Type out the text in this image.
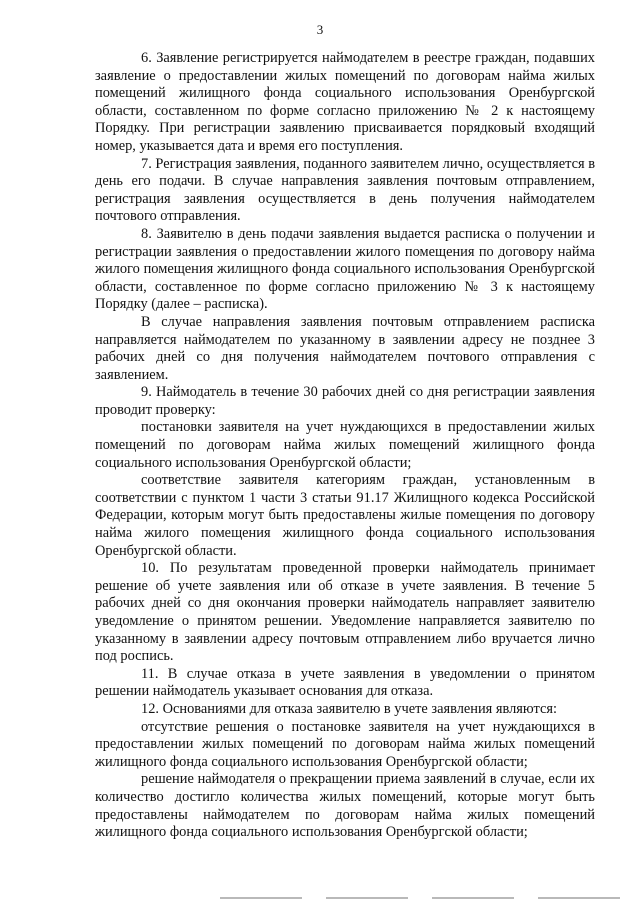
3

6. Заявление регистрируется наймодателем в реестре граждан, подавших заявление о предоставлении жилых помещений по договорам найма жилых помещений жилищного фонда социального использования Оренбургской области, составленном по форме согласно приложению № 2 к настоящему Порядку. При регистрации заявлению присваивается порядковый входящий номер, указывается дата и время его поступления.

7. Регистрация заявления, поданного заявителем лично, осуществляется в день его подачи. В случае направления заявления почтовым отправлением, регистрация заявления осуществляется в день получения наймодателем почтового отправления.

8. Заявителю в день подачи заявления выдается расписка о получении и регистрации заявления о предоставлении жилого помещения по договору найма жилого помещения жилищного фонда социального использования Оренбургской области, составленное по форме согласно приложению № 3 к настоящему Порядку (далее – расписка).

В случае направления заявления почтовым отправлением расписка направляется наймодателем по указанному в заявлении адресу не позднее 3 рабочих дней со дня получения наймодателем почтового отправления с заявлением.

9. Наймодатель в течение 30 рабочих дней со дня регистрации заявления проводит проверку:

постановки заявителя на учет нуждающихся в предоставлении жилых помещений по договорам найма жилых помещений жилищного фонда социального использования Оренбургской области;

соответствие заявителя категориям граждан, установленным в соответствии с пунктом 1 части 3 статьи 91.17 Жилищного кодекса Российской Федерации, которым могут быть предоставлены жилые помещения по договору найма жилого помещения жилищного фонда социального использования Оренбургской области.

10. По результатам проведенной проверки наймодатель принимает решение об учете заявления или об отказе в учете заявления. В течение 5 рабочих дней со дня окончания проверки наймодатель направляет заявителю уведомление о принятом решении. Уведомление направляется заявителю по указанному в заявлении адресу почтовым отправлением либо вручается лично под роспись.

11. В случае отказа в учете заявления в уведомлении о принятом решении наймодатель указывает основания для отказа.

12. Основаниями для отказа заявителю в учете заявления являются:

отсутствие решения о постановке заявителя на учет нуждающихся в предоставлении жилых помещений по договорам найма жилых помещений жилищного фонда социального использования Оренбургской области;

решение наймодателя о прекращении приема заявлений в случае, если их количество достигло количества жилых помещений, которые могут быть предоставлены наймодателем по договорам найма жилых помещений жилищного фонда социального использования Оренбургской области;
